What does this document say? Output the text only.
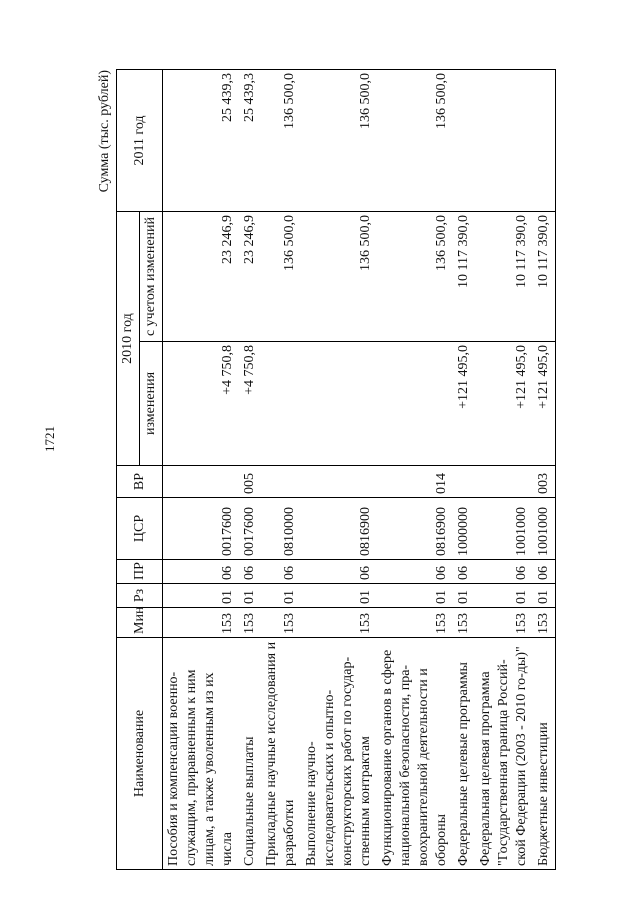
1721
Сумма (тыс. рублей)
Наименование	Мин	Рз	ПР	ЦСР	ВР	2010 год		2011 год
						изменения	с учетом изменений	
Пособия и компенсации военно-служащим, приравненным к ним лицам, а также уволенным из их числа	153	01	06	0017600		+4 750,8	23 246,9	25 439,3
Социальные выплаты	153	01	06	0017600	005	+4 750,8	23 246,9	25 439,3
Прикладные научные исследования и разработки	153	01	06	0810000			136 500,0	136 500,0
Выполнение научно-исследовательских и опытно-конструкторских работ по государ-ственным контрактам	153	01	06	0816900			136 500,0	136 500,0
Функционирование органов в сфере национальной безопасности, пра-воохранительной деятельности и обороны	153	01	06	0816900	014		136 500,0	136 500,0
Федеральные целевые программы	153	01	06	1000000		+121 495,0	10 117 390,0	
Федеральная целевая программа "Государственная граница Россий-ской Федерации (2003 - 2010 го-ды)"	153	01	06	1001000		+121 495,0	10 117 390,0	
Бюджетные инвестиции	153	01	06	1001000	003	+121 495,0	10 117 390,0	
